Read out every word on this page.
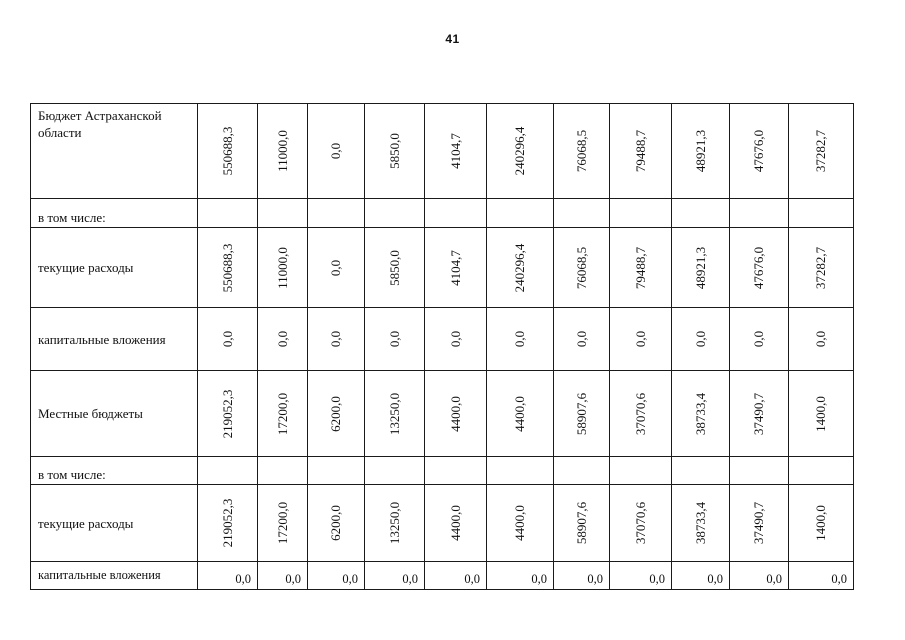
41
Бюджет Астраханской области	550688,3	11000,0	0,0	5850,0	4104,7	240296,4	76068,5	79488,7	48921,3	47676,0	37282,7

в том числе:											
текущие расходы	550688,3	11000,0	0,0	5850,0	4104,7	240296,4	76068,5	79488,7	48921,3	47676,0	37282,7

капитальные вложения	0,0	0,0	0,0	0,0	0,0	0,0	0,0	0,0	0,0	0,0	0,0

Местные бюджеты	219052,3	17200,0	6200,0	13250,0	4400,0	4400,0	58907,6	37070,6	38733,4	37490,7	1400,0

в том числе:											
текущие расходы	219052,3	17200,0	6200,0	13250,0	4400,0	4400,0	58907,6	37070,6	38733,4	37490,7	1400,0

капитальные вложения	0,0	0,0	0,0	0,0	0,0	0,0	0,0	0,0	0,0	0,0	0,0
